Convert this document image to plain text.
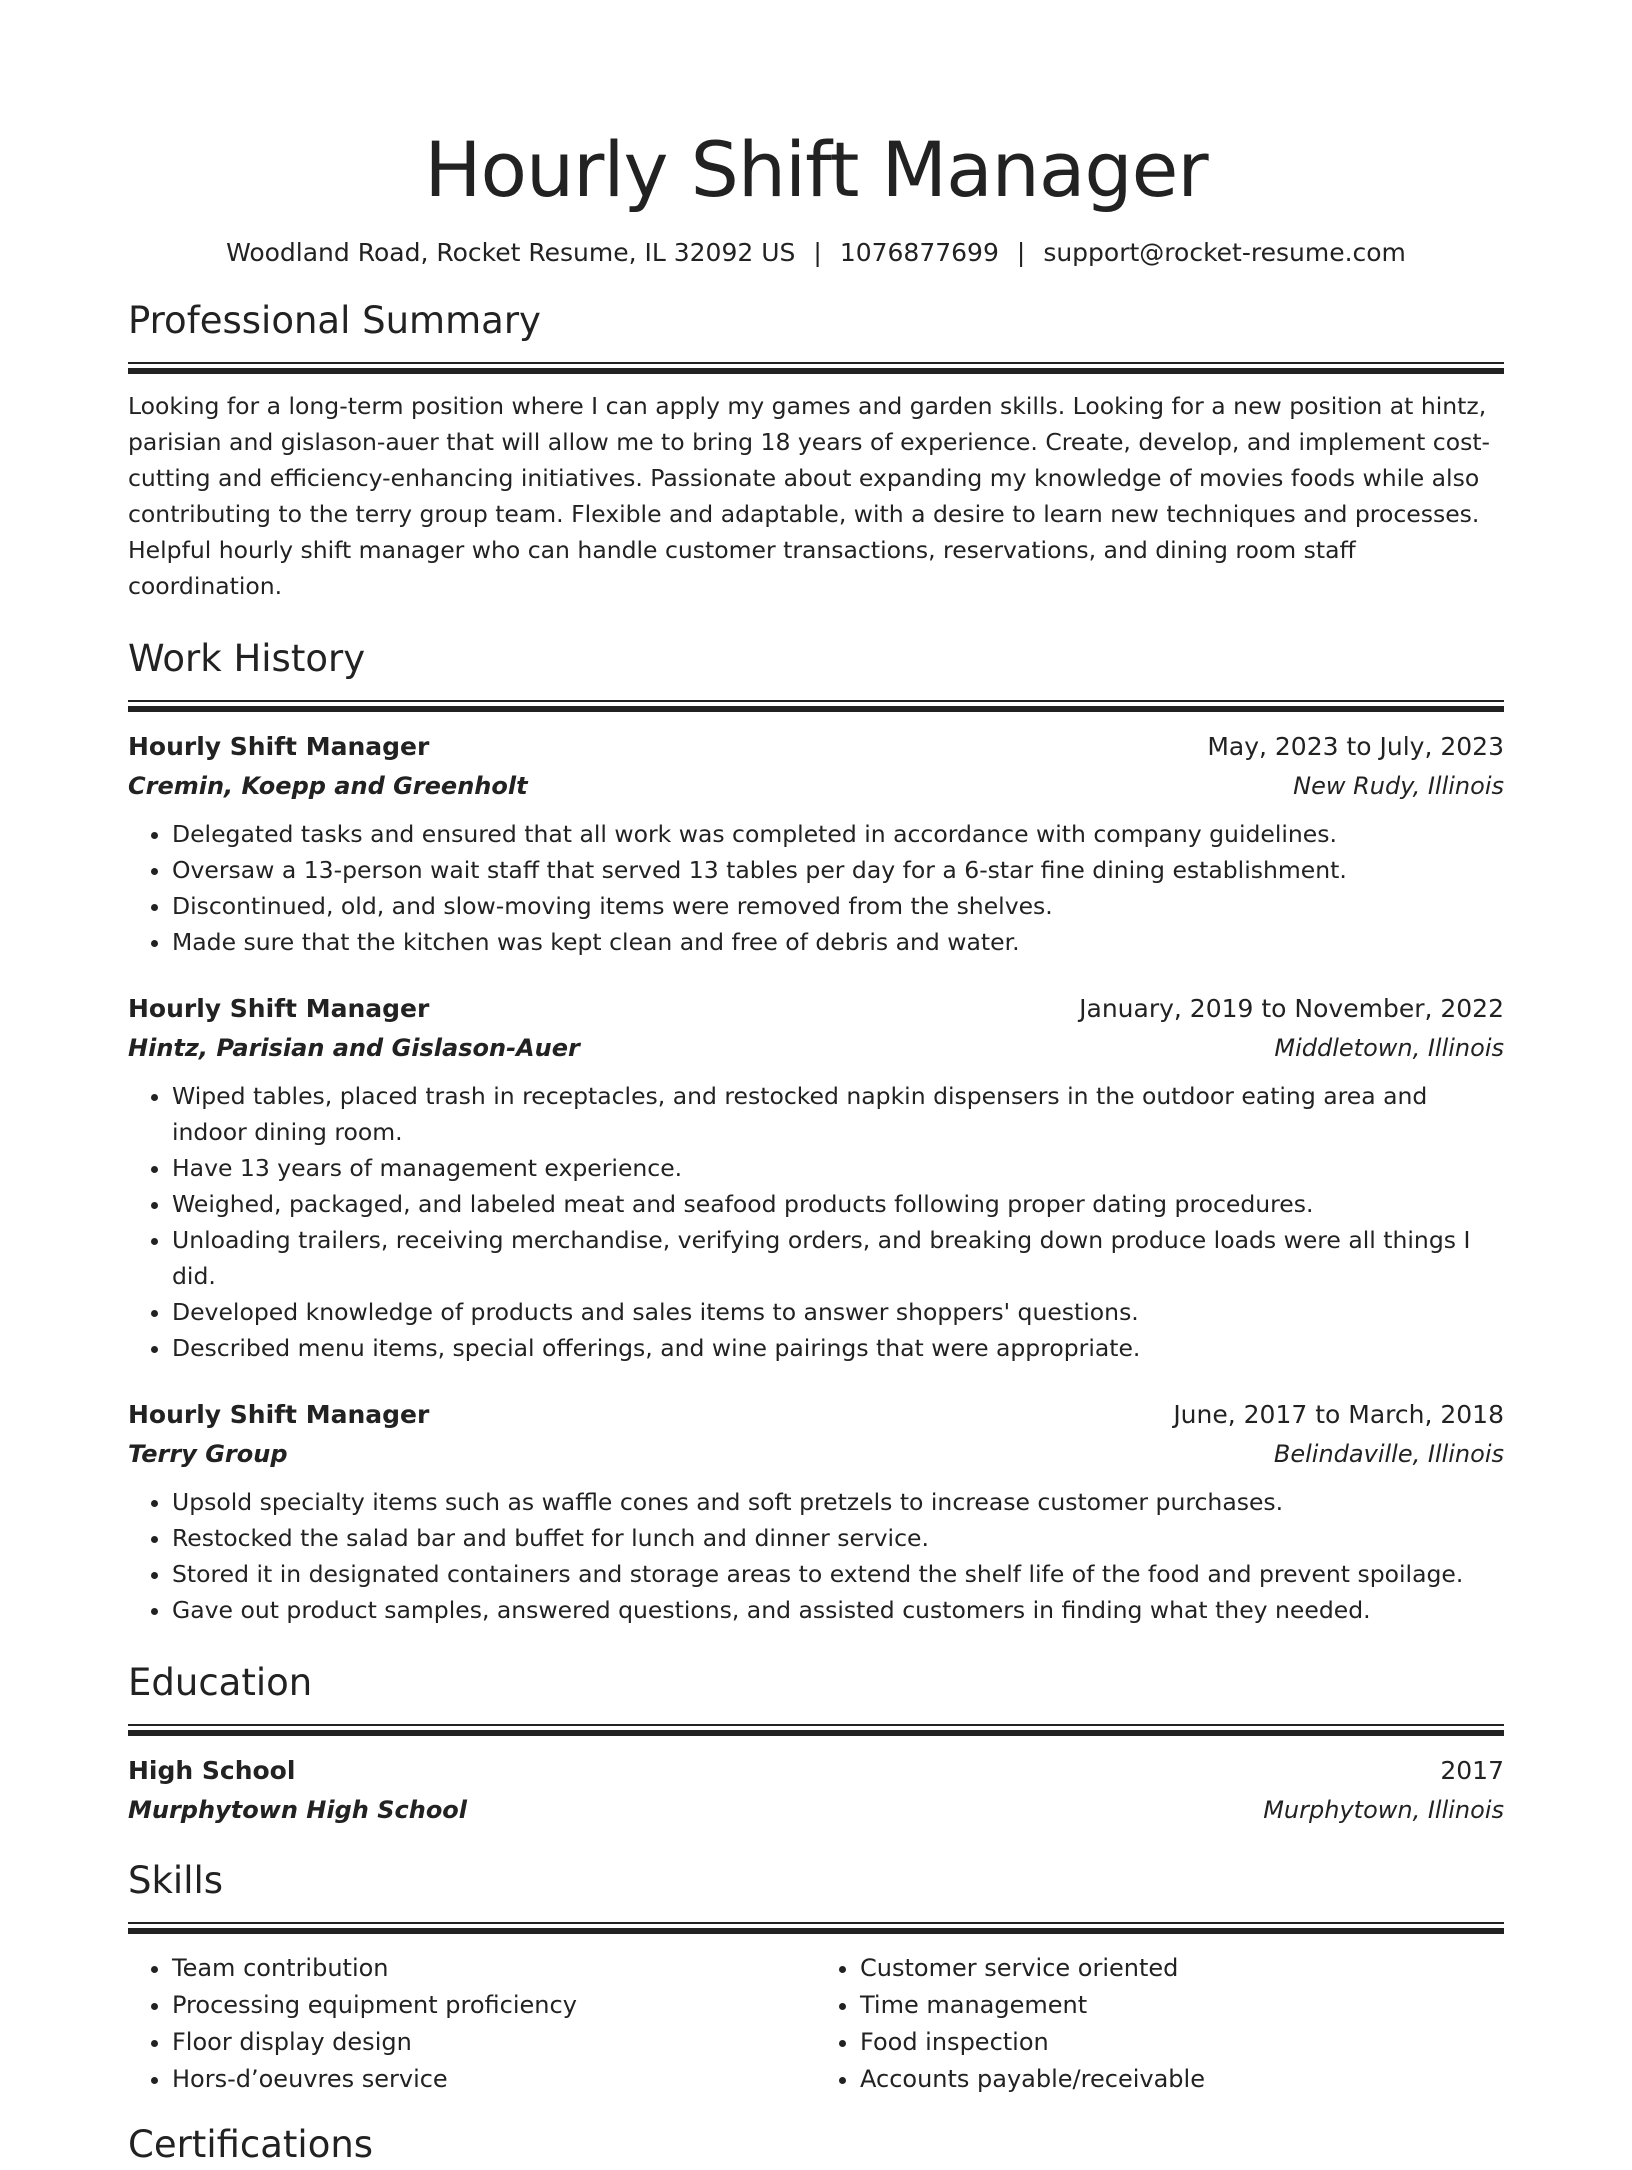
Hourly Shift Manager
Woodland Road, Rocket Resume, IL 32092 US | 1076877699 | support@rocket-resume.com
Professional Summary

Looking for a long-term position where I can apply my games and garden skills. Looking for a new position at hintz, parisian and gislason-auer that will allow me to bring 18 years of experience. Create, develop, and implement cost-cutting and efficiency-enhancing initiatives. Passionate about expanding my knowledge of movies foods while also contributing to the terry group team. Flexible and adaptable, with a desire to learn new techniques and processes. Helpful hourly shift manager who can handle customer transactions, reservations, and dining room staff coordination.

Work History
Hourly Shift Manager	May, 2023 to July, 2023
Cremin, Koepp and Greenholt	New Rudy, Illinois
• Delegated tasks and ensured that all work was completed in accordance with company guidelines.
• Oversaw a 13-person wait staff that served 13 tables per day for a 6-star fine dining establishment.
• Discontinued, old, and slow-moving items were removed from the shelves.
• Made sure that the kitchen was kept clean and free of debris and water.
Hourly Shift Manager	January, 2019 to November, 2022
Hintz, Parisian and Gislason-Auer	Middletown, Illinois
• Wiped tables, placed trash in receptacles, and restocked napkin dispensers in the outdoor eating area and indoor dining room.
• Have 13 years of management experience.
• Weighed, packaged, and labeled meat and seafood products following proper dating procedures.
• Unloading trailers, receiving merchandise, verifying orders, and breaking down produce loads were all things I did.
• Developed knowledge of products and sales items to answer shoppers' questions.
• Described menu items, special offerings, and wine pairings that were appropriate.
Hourly Shift Manager	June, 2017 to March, 2018
Terry Group	Belindaville, Illinois
• Upsold specialty items such as waffle cones and soft pretzels to increase customer purchases.
• Restocked the salad bar and buffet for lunch and dinner service.
• Stored it in designated containers and storage areas to extend the shelf life of the food and prevent spoilage.
• Gave out product samples, answered questions, and assisted customers in finding what they needed.
Education
High School	2017
Murphytown High School	Murphytown, Illinois
Skills
• Team contribution
• Processing equipment proficiency
• Floor display design
• Hors-d’oeuvres service
• Customer service oriented
• Time management
• Food inspection
• Accounts payable/receivable
Certifications
